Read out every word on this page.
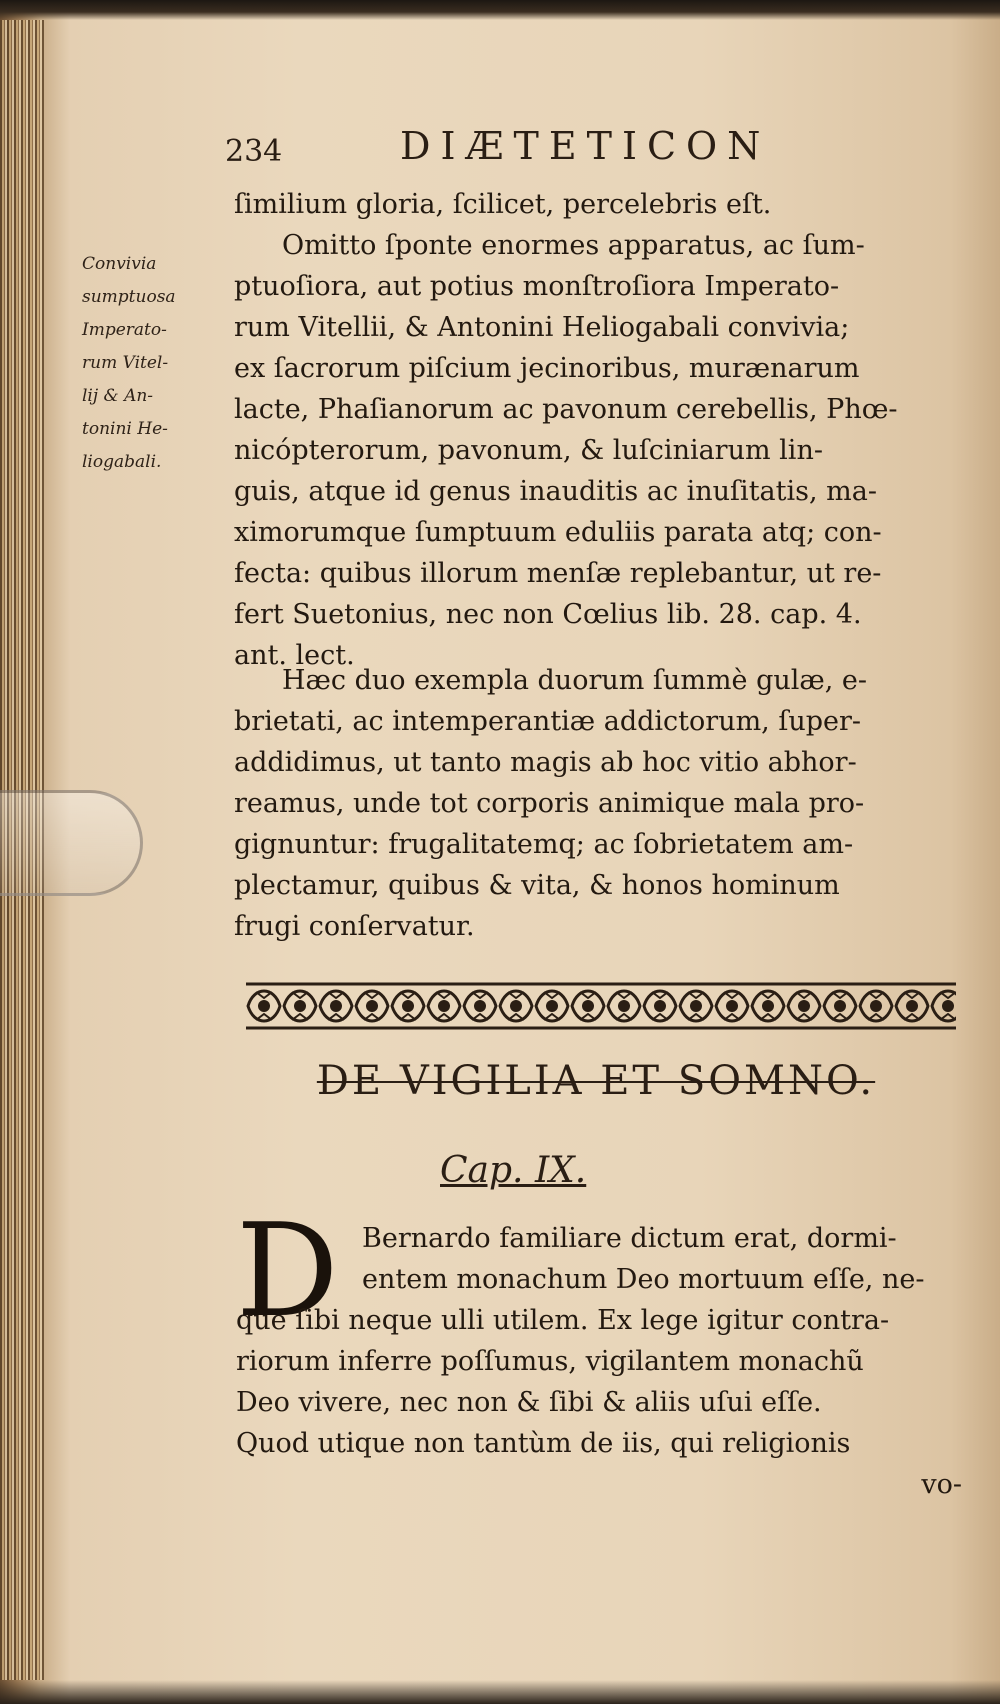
234	DIÆTETICON
Convivia
sumptuosa
Imperato-
rum Vitel-
lij & An-
tonini He-
liogabali.
ſimilium gloria, ſcilicet, percelebris eſt.
Omitto ſponte enormes apparatus, ac ſum-
ptuoſiora, aut potius monſtroſiora Imperato-
rum Vitellii, & Antonini Heliogabali convivia;
ex ſacrorum piſcium jecinoribus, murænarum
lacte, Phaſianorum ac pavonum cerebellis, Phœ-
nicópterorum, pavonum, & luſciniarum lin-
guis, atque id genus inauditis ac inuſitatis, ma-
ximorumque ſumptuum eduliis parata atq; con-
fecta: quibus illorum menſæ replebantur, ut re-
fert Suetonius, nec non Cœlius lib. 28. cap. 4.
ant. lect.
Hæc duo exempla duorum ſummè gulæ, e-
brietati, ac intemperantiæ addictorum, ſuper-
addidimus, ut tanto magis ab hoc vitio abhor-
reamus, unde tot corporis animique mala pro-
gignuntur: frugalitatemq; ac ſobrietatem am-
plectamur, quibus & vita, & honos hominum
frugi conſervatur.
DE VIGILIA ET SOMNO.
Cap. IX.
D Bernardo familiare dictum erat, dormi-
entem monachum Deo mortuum eſſe, ne-
que ſibi neque ulli utilem. Ex lege igitur contra-
riorum inferre poſſumus, vigilantem monachũ
Deo vivere, nec non & ſibi & aliis uſui eſſe.
Quod utique non tantùm de iis, qui religionis
vo-
